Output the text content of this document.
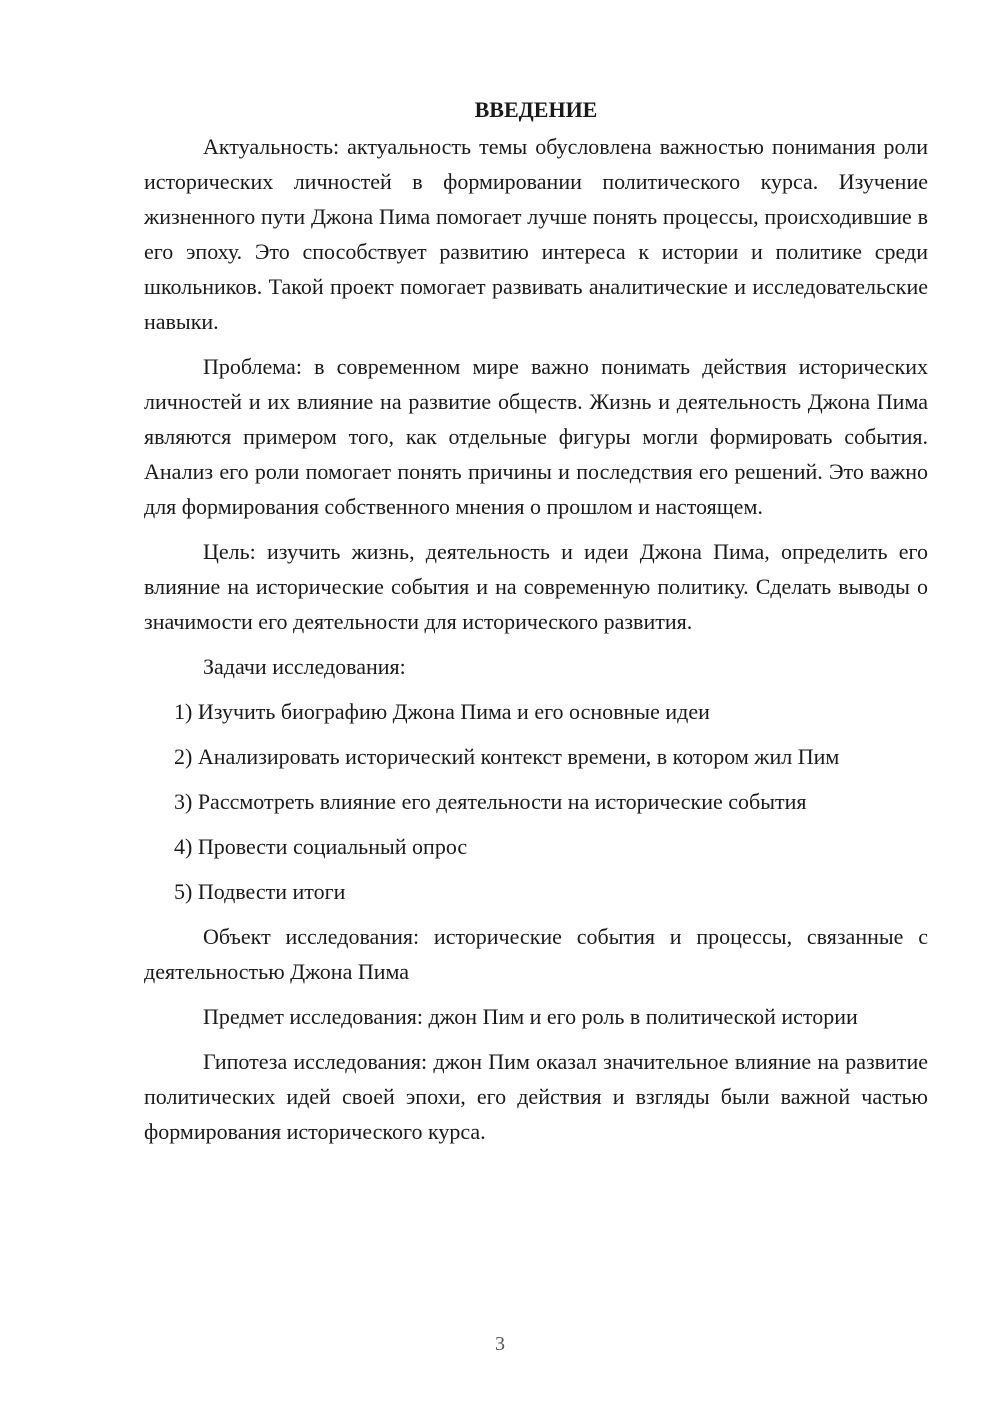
ВВЕДЕНИЕ

Актуальность: актуальность темы обусловлена важностью понимания роли исторических личностей в формировании политического курса. Изучение жизненного пути Джона Пима помогает лучше понять процессы, происходившие в его эпоху. Это способствует развитию интереса к истории и политике среди школьников. Такой проект помогает развивать аналитические и исследовательские навыки.

Проблема: в современном мире важно понимать действия исторических личностей и их влияние на развитие обществ. Жизнь и деятельность Джона Пима являются примером того, как отдельные фигуры могли формировать события. Анализ его роли помогает понять причины и последствия его решений. Это важно для формирования собственного мнения о прошлом и настоящем.

Цель: изучить жизнь, деятельность и идеи Джона Пима, определить его влияние на исторические события и на современную политику. Сделать выводы о значимости его деятельности для исторического развития.

Задачи исследования:

1) Изучить биографию Джона Пима и его основные идеи

2) Анализировать исторический контекст времени, в котором жил Пим

3) Рассмотреть влияние его деятельности на исторические события

4) Провести социальный опрос

5) Подвести итоги

Объект исследования: исторические события и процессы, связанные с деятельностью Джона Пима

Предмет исследования: джон Пим и его роль в политической истории

Гипотеза исследования: джон Пим оказал значительное влияние на развитие политических идей своей эпохи, его действия и взгляды были важной частью формирования исторического курса.

3
